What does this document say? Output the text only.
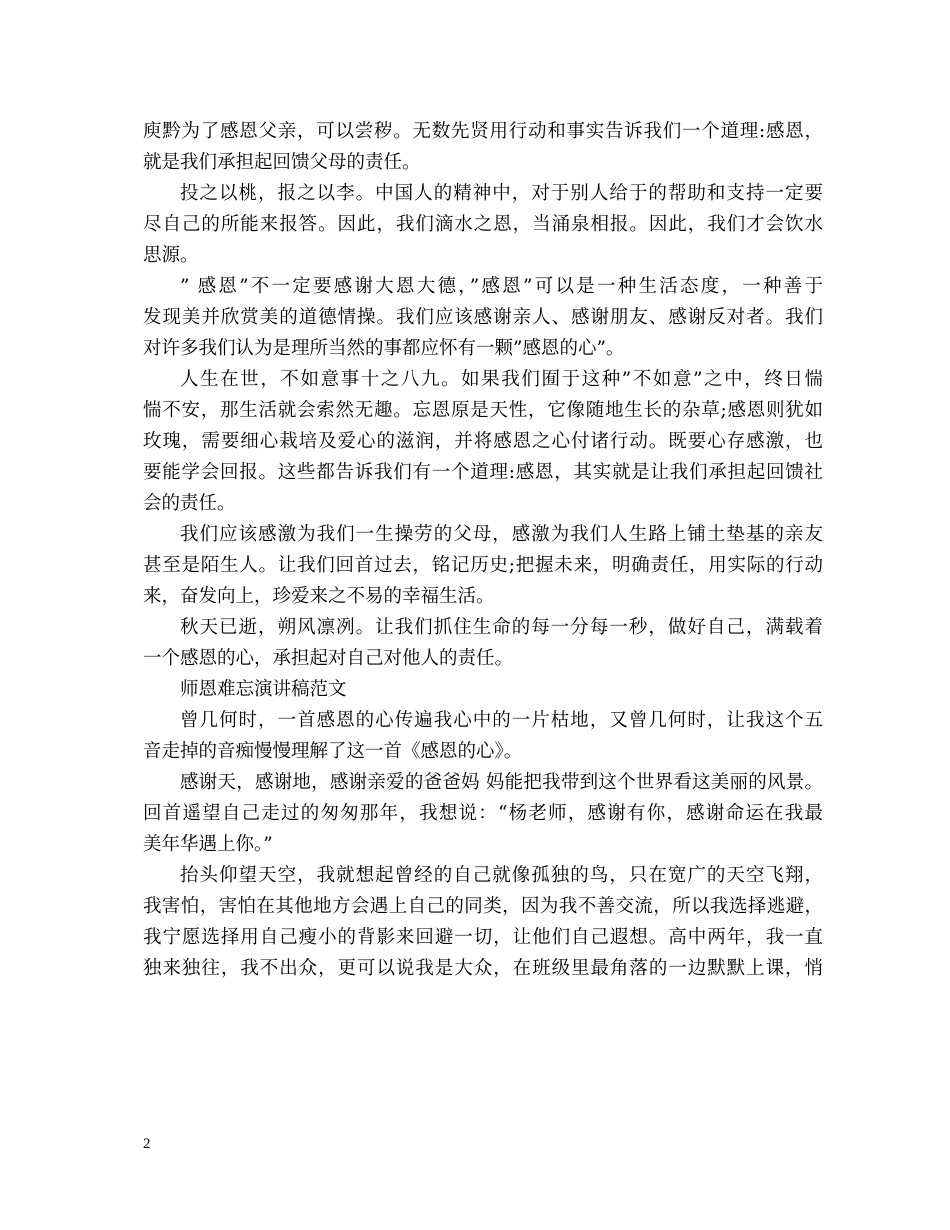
庾黔为了感恩父亲，可以尝秽。无数先贤用行动和事实告诉我们一个道理:感恩，
就是我们承担起回馈父母的责任。
投之以桃，报之以李。中国人的精神中，对于别人给于的帮助和支持一定要
尽自己的所能来报答。因此，我们滴水之恩，当涌泉相报。因此，我们才会饮水
思源。
” 感恩”不一定要感谢大恩大德，”感恩”可以是一种生活态度，一种善于
发现美并欣赏美的道德情操。我们应该感谢亲人、感谢朋友、感谢反对者。我们
对许多我们认为是理所当然的事都应怀有一颗”感恩的心”。
人生在世，不如意事十之八九。如果我们囿于这种”不如意”之中，终日惴
惴不安，那生活就会索然无趣。忘恩原是天性，它像随地生长的杂草;感恩则犹如
玫瑰，需要细心栽培及爱心的滋润，并将感恩之心付诸行动。既要心存感激，也
要能学会回报。这些都告诉我们有一个道理:感恩，其实就是让我们承担起回馈社
会的责任。
我们应该感激为我们一生操劳的父母，感激为我们人生路上铺土垫基的亲友
甚至是陌生人。让我们回首过去，铭记历史;把握未来，明确责任，用实际的行动
来，奋发向上，珍爱来之不易的幸福生活。
秋天已逝，朔风凛冽。让我们抓住生命的每一分每一秒，做好自己，满载着
一个感恩的心，承担起对自己对他人的责任。
师恩难忘演讲稿范文
曾几何时，一首感恩的心传遍我心中的一片枯地，又曾几何时，让我这个五
音走掉的音痴慢慢理解了这一首《感恩的心》。
感谢天，感谢地，感谢亲爱的爸爸妈 妈能把我带到这个世界看这美丽的风景。
回首遥望自己走过的匆匆那年，我想说：“杨老师，感谢有你，感谢命运在我最
美年华遇上你。”
抬头仰望天空，我就想起曾经的自己就像孤独的鸟，只在宽广的天空飞翔，
我害怕，害怕在其他地方会遇上自己的同类，因为我不善交流，所以我选择逃避，
我宁愿选择用自己瘦小的背影来回避一切，让他们自己遐想。高中两年，我一直
独来独往，我不出众，更可以说我是大众，在班级里最角落的一边默默上课，悄
2
